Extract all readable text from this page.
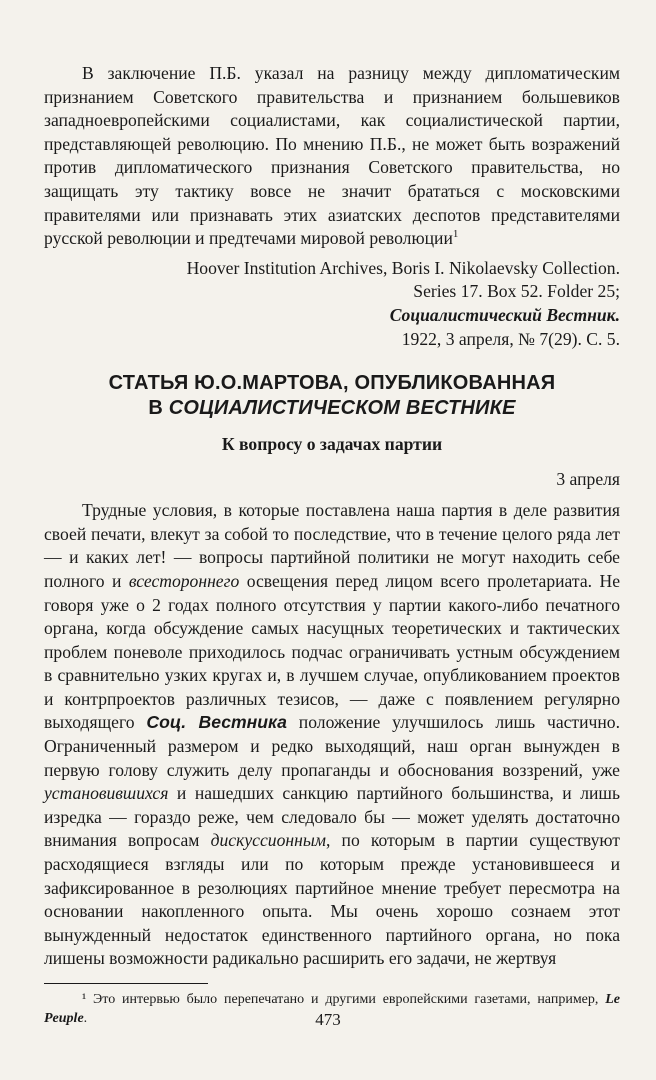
В заключение П.Б. указал на разницу между дипломатическим признанием Советского правительства и признанием большевиков западноевропейскими социалистами, как социалистической партии, представляющей революцию. По мнению П.Б., не может быть возражений против дипломатического признания Советского правительства, но защищать эту тактику вовсе не значит брататься с московскими правителями или признавать этих азиатских деспотов представителями русской революции и предтечами мировой революции$^1$

Hoover Institution Archives, Boris I. Nikolaevsky Collection.
Series 17. Box 52. Folder 25;
Социалистический Вестник.
1922, 3 апреля, № 7(29). С. 5.
СТАТЬЯ Ю.О.МАРТОВА, ОПУБЛИКОВАННАЯ
В СОЦИАЛИСТИЧЕСКОМ ВЕСТНИКЕ
К вопросу о задачах партии
3 апреля

Трудные условия, в которые поставлена наша партия в деле развития своей печати, влекут за собой то последствие, что в течение целого ряда лет — и каких лет! — вопросы партийной политики не могут находить себе полного и всестороннего освещения перед лицом всего пролетариата. Не говоря уже о 2 годах полного отсутствия у партии какого-либо печатного органа, когда обсуждение самых насущных теоретических и тактических проблем поневоле приходилось подчас ограничивать устным обсуждением в сравнительно узких кругах и, в лучшем случае, опубликованием проектов и контрпроектов различных тезисов, — даже с появлением регулярно выходящего Соц. Вестника положение улучшилось лишь частично. Ограниченный размером и редко выходящий, наш орган вынужден в первую голову служить делу пропаганды и обоснования воззрений, уже установившихся и нашедших санкцию партийного большинства, и лишь изредка — гораздо реже, чем следовало бы — может уделять достаточно внимания вопросам дискуссионным, по которым в партии существуют расходящиеся взгляды или по которым прежде установившееся и зафиксированное в резолюциях партийное мнение требует пересмотра на основании накопленного опыта. Мы очень хорошо сознаем этот вынужденный недостаток единственного партийного органа, но пока лишены возможности радикально расширить его задачи, не жертвуя

¹ Это интервью было перепечатано и другими европейскими газетами, например, Le Peuple.	473
